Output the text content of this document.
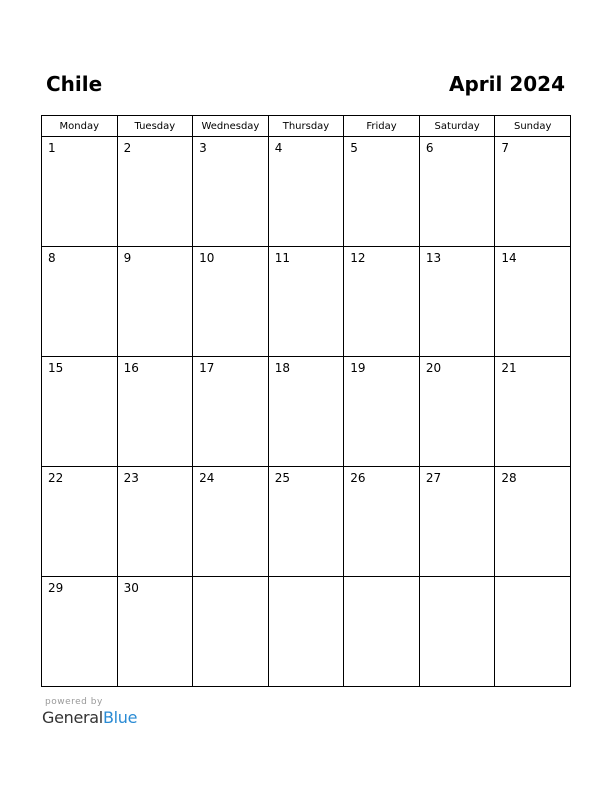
Chile	April 2024
Monday	Tuesday	Wednesday	Thursday	Friday	Saturday	Sunday

1	2	3	4	5	6	7

8	9	10	11	12	13	14

15	16	17	18	19	20	21

22	23	24	25	26	27	28

29	30					

powered by
GeneralBlue
